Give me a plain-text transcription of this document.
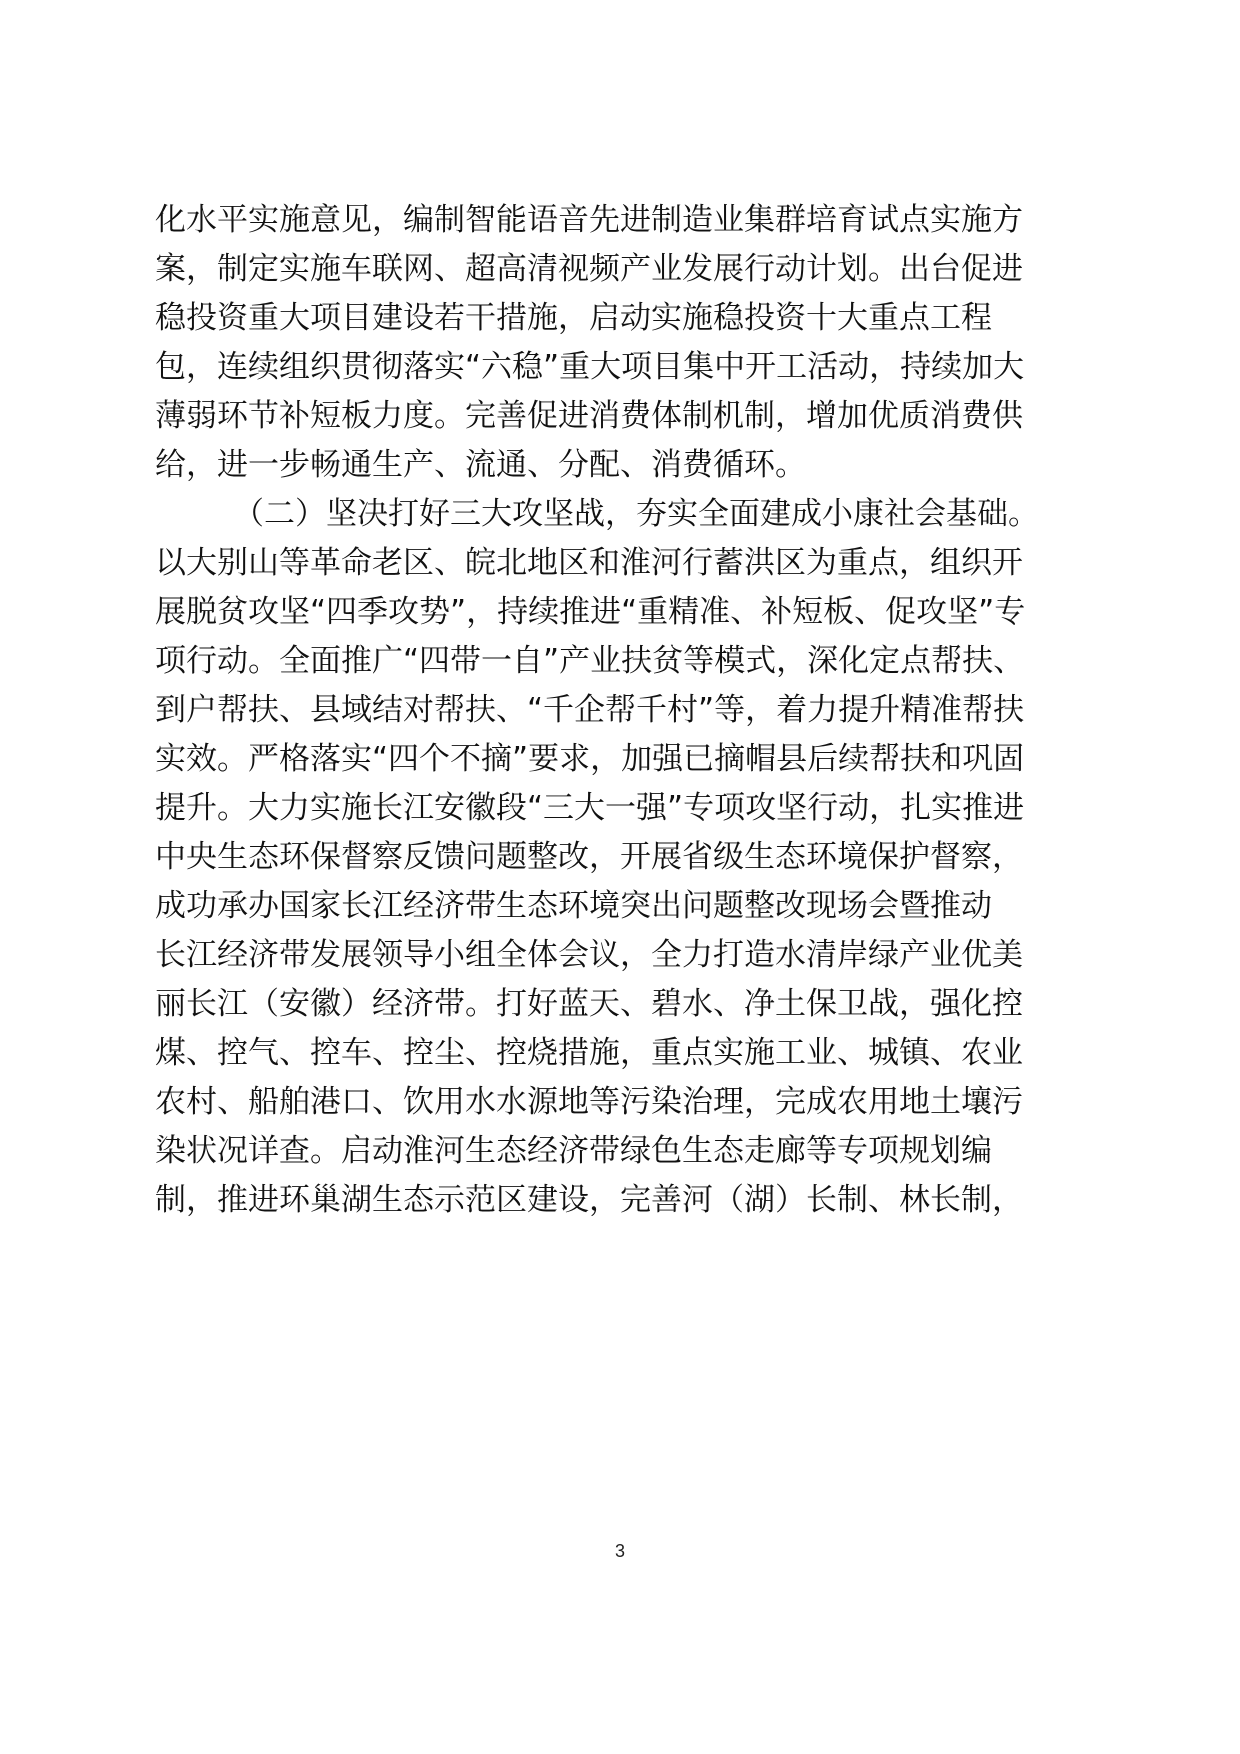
化水平实施意见，编制智能语音先进制造业集群培育试点实施方
案，制定实施车联网、超高清视频产业发展行动计划。出台促进
稳投资重大项目建设若干措施，启动实施稳投资十大重点工程
包，连续组织贯彻落实“六稳”重大项目集中开工活动，持续加大
薄弱环节补短板力度。完善促进消费体制机制，增加优质消费供
给，进一步畅通生产、流通、分配、消费循环。
（二）坚决打好三大攻坚战，夯实全面建成小康社会基础。
以大别山等革命老区、皖北地区和淮河行蓄洪区为重点，组织开
展脱贫攻坚“四季攻势”，持续推进“重精准、补短板、促攻坚”专
项行动。全面推广“四带一自”产业扶贫等模式，深化定点帮扶、
到户帮扶、县域结对帮扶、“千企帮千村”等，着力提升精准帮扶
实效。严格落实“四个不摘”要求，加强已摘帽县后续帮扶和巩固
提升。大力实施长江安徽段“三大一强”专项攻坚行动，扎实推进
中央生态环保督察反馈问题整改，开展省级生态环境保护督察，
成功承办国家长江经济带生态环境突出问题整改现场会暨推动
长江经济带发展领导小组全体会议，全力打造水清岸绿产业优美
丽长江（安徽）经济带。打好蓝天、碧水、净土保卫战，强化控
煤、控气、控车、控尘、控烧措施，重点实施工业、城镇、农业
农村、船舶港口、饮用水水源地等污染治理，完成农用地土壤污
染状况详查。启动淮河生态经济带绿色生态走廊等专项规划编
制，推进环巢湖生态示范区建设，完善河（湖）长制、林长制，
3
